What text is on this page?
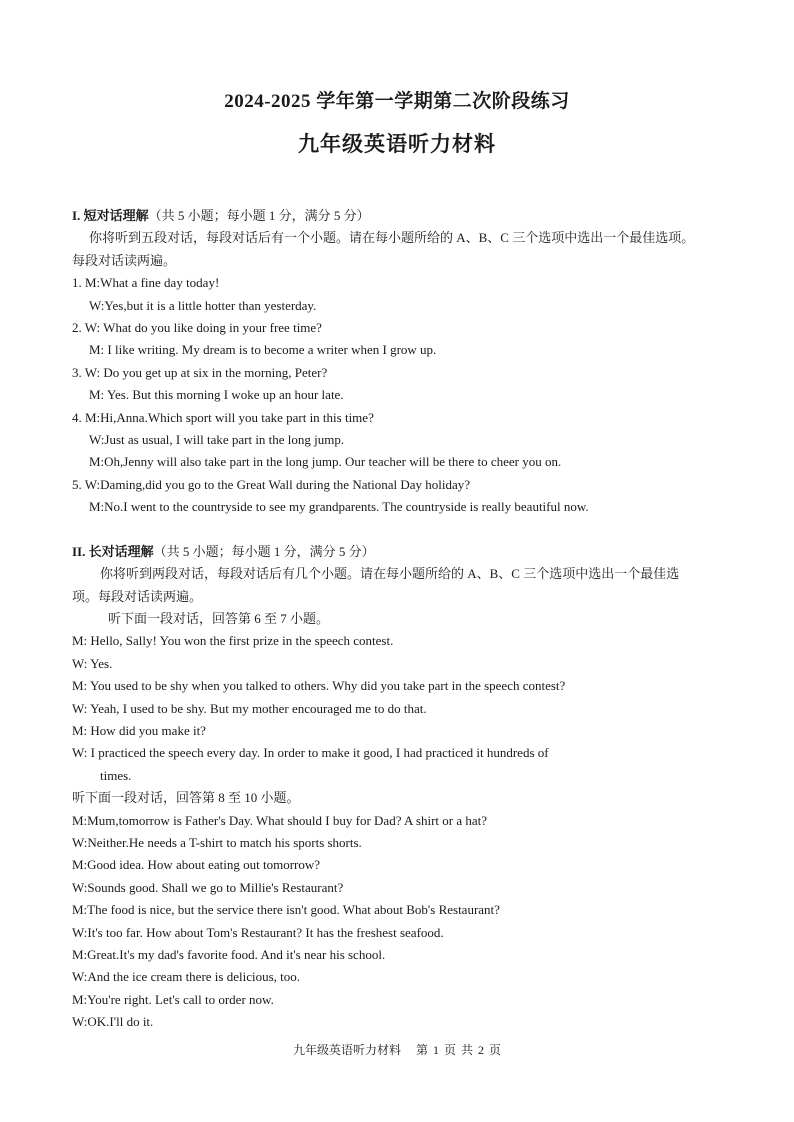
2024-2025 学年第一学期第二次阶段练习
九年级英语听力材料
I. 短对话理解（共 5 小题；每小题 1 分，满分 5 分）
你将听到五段对话，每段对话后有一个小题。请在每小题所给的 A、B、C 三个选项中选出一个最佳选项。
每段对话读两遍。
1. M:What a fine day today!
W:Yes,but it is a little hotter than yesterday.
2. W: What do you like doing in your free time?
M: I like writing. My dream is to become a writer when I grow up.
3. W: Do you get up at six in the morning, Peter?
M: Yes. But this morning I woke up an hour late.
4. M:Hi,Anna.Which sport will you take part in this time?
W:Just as usual, I will take part in the long jump.
M:Oh,Jenny will also take part in the long jump. Our teacher will be there to cheer you on.
5. W:Daming,did you go to the Great Wall during the National Day holiday?
M:No.I went to the countryside to see my grandparents. The countryside is really beautiful now.
II. 长对话理解（共 5 小题；每小题 1 分，满分 5 分）
你将听到两段对话，每段对话后有几个小题。请在每小题所给的 A、B、C 三个选项中选出一个最佳选
项。每段对话读两遍。
听下面一段对话，回答第 6 至 7 小题。
M: Hello, Sally! You won the first prize in the speech contest.
W: Yes.
M: You used to be shy when you talked to others. Why did you take part in the speech contest?
W: Yeah, I used to be shy. But my mother encouraged me to do that.
M: How did you make it?
W: I practiced the speech every day. In order to make it good, I had practiced it hundreds of
times.
听下面一段对话，回答第 8 至 10 小题。
M:Mum,tomorrow is Father's Day. What should I buy for Dad? A shirt or a hat?
W:Neither.He needs a T-shirt to match his sports shorts.
M:Good idea. How about eating out tomorrow?
W:Sounds good. Shall we go to Millie's Restaurant?
M:The food is nice, but the service there isn't good. What about Bob's Restaurant?
W:It's too far. How about Tom's Restaurant? It has the freshest seafood.
M:Great.It's my dad's favorite food. And it's near his school.
W:And the ice cream there is delicious, too.
M:You're right. Let's call to order now.
W:OK.I'll do it.
九年级英语听力材料 第 1 页 共 2 页
